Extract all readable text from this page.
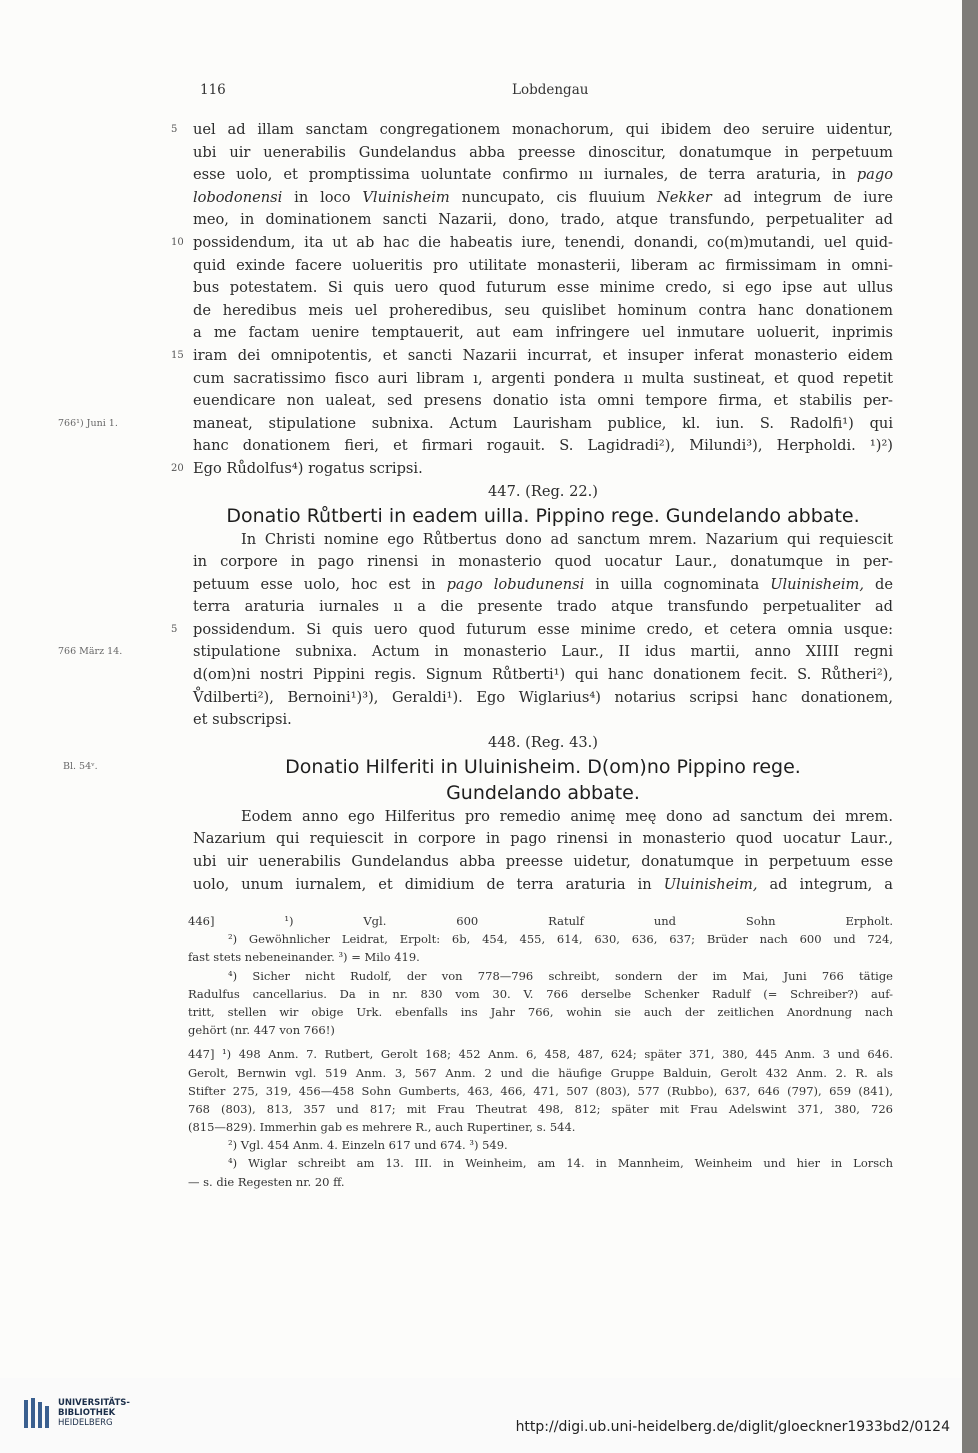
116	Lobdengau
5	uel ad illam sanctam congregationem monachorum, qui ibidem deo seruire uidentur,
ubi uir uenerabilis Gundelandus abba preesse dinoscitur, donatumque in perpetuum
esse uolo, et promptissima uoluntate confirmo ııı iurnales, de terra araturia, in pago
lobodonensi in loco Vluinisheim nuncupato, cis fluuium Nekker ad integrum de iure
meo, in dominationem sancti Nazarii, dono, trado, atque transfundo, perpetualiter ad
10 possidendum, ita ut ab hac die habeatis iure, tenendi, donandi, co(m)mutandi, uel quid-
quid exinde facere uolueritis pro utilitate monasterii, liberam ac firmissimam in omni-
bus potestatem. Si quis uero quod futurum esse minime credo, si ego ipse aut ullus
de heredibus meis uel proheredibus, seu quislibet hominum contra hanc donationem
a me factam uenire temptauerit, aut eam infringere uel inmutare uoluerit, inprimis
15 iram dei omnipotentis, et sancti Nazarii incurrat, et insuper inferat monasterio eidem
cum sacratissimo fisco auri libram ı, argenti pondera ıı multa sustineat, et quod repetit
euendicare non ualeat, sed presens donatio ista omni tempore firma, et stabilis per-
766¹) Juni 1.	maneat, stipulatione subnixa. Actum Laurisham publice, kl. iun. S. Radolfi¹) qui
hanc donationem fieri, et firmari rogauit. S. Lagidradi²), Milundi³), Herpholdi. ¹)²)
20 Ego Růdolfus⁴) rogatus scripsi.
447. (Reg. 22.)
Donatio Růtberti in eadem uilla. Pippino rege. Gundelando abbate.
In Christi nomine ego Růtbertus dono ad sanctum mrem. Nazarium qui requiescit
in corpore in pago rinensi in monasterio quod uocatur Laur., donatumque in per-
petuum esse uolo, hoc est in pago lobudunensi in uilla cognominata Uluinisheim, de
terra araturia iurnales ıı a die presente trado atque transfundo perpetualiter ad
5	possidendum. Si quis uero quod futurum esse minime credo, et cetera omnia usque:
766 März 14.	stipulatione subnixa. Actum in monasterio Laur., II idus martii, anno XIIII regni
d(om)ni nostri Pippini regis. Signum Růtberti¹) qui hanc donationem fecit. S. Růtheri²),
V̊dilberti²), Bernoini¹)³), Geraldi¹). Ego Wiglarius⁴) notarius scripsi hanc donationem,
et subscripsi.
448. (Reg. 43.)
Bl. 54ᵛ.	Donatio Hilferiti in Uluinisheim. D(om)no Pippino rege.
Gundelando abbate.
Eodem anno ego Hilferitus pro remedio animę meę dono ad sanctum dei mrem.
Nazarium qui requiescit in corpore in pago rinensi in monasterio quod uocatur Laur.,
ubi uir uenerabilis Gundelandus abba preesse uidetur, donatumque in perpetuum esse
uolo, unum iurnalem, et dimidium de terra araturia in Uluinisheim, ad integrum, a
446] ¹) Vgl. 600 Ratulf und Sohn Erpholt.
²) Gewöhnlicher Leidrat, Erpolt: 6b, 454, 455, 614, 630, 636, 637; Brüder nach 600 und 724,
fast stets nebeneinander. ³) = Milo 419.
⁴) Sicher nicht Rudolf, der von 778—796 schreibt, sondern der im Mai, Juni 766 tätige
Radulfus cancellarius. Da in nr. 830 vom 30. V. 766 derselbe Schenker Radulf (= Schreiber?) auf-
tritt, stellen wir obige Urk. ebenfalls ins Jahr 766, wohin sie auch der zeitlichen Anordnung nach
gehört (nr. 447 von 766!)
447] ¹) 498 Anm. 7. Rutbert, Gerolt 168; 452 Anm. 6, 458, 487, 624; später 371, 380, 445 Anm. 3 und 646.
Gerolt, Bernwin vgl. 519 Anm. 3, 567 Anm. 2 und die häufige Gruppe Balduin, Gerolt 432 Anm. 2. R. als
Stifter 275, 319, 456—458 Sohn Gumberts, 463, 466, 471, 507 (803), 577 (Rubbo), 637, 646 (797), 659 (841),
768 (803), 813, 357 und 817; mit Frau Theutrat 498, 812; später mit Frau Adelswint 371, 380, 726
(815—829). Immerhin gab es mehrere R., auch Rupertiner, s. 544.
²) Vgl. 454 Anm. 4. Einzeln 617 und 674. ³) 549.
⁴) Wiglar schreibt am 13. III. in Weinheim, am 14. in Mannheim, Weinheim und hier in Lorsch
— s. die Regesten nr. 20 ff.
UNIVERSITÄTS-
BIBLIOTHEK
HEIDELBERG	http://digi.ub.uni-heidelberg.de/diglit/gloeckner1933bd2/0124
